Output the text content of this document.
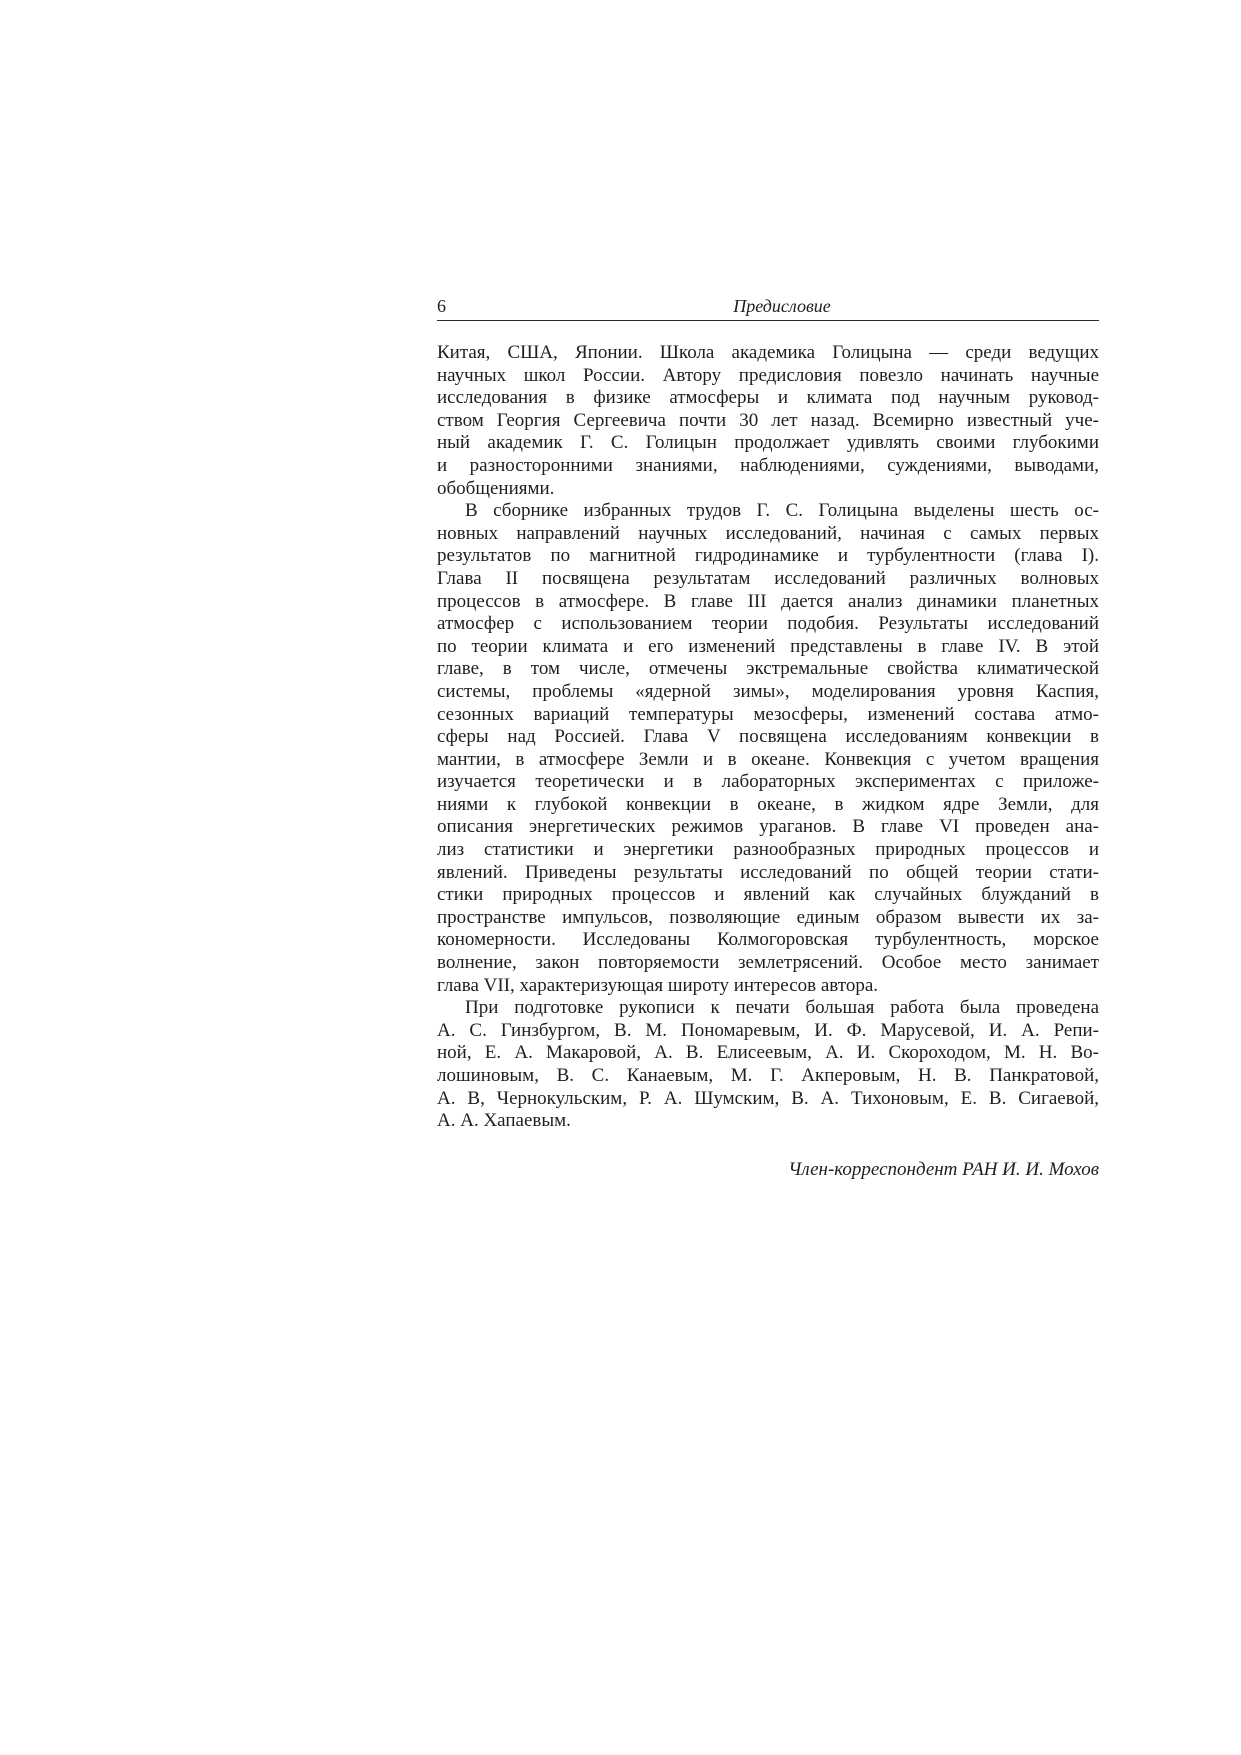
6	Предисловие
Китая, США, Японии. Школа академика Голицына — среди ведущих
научных школ России. Автору предисловия повезло начинать научные
исследования в физике атмосферы и климата под научным руковод-
ством Георгия Сергеевича почти 30 лет назад. Всемирно известный уче-
ный академик Г. С. Голицын продолжает удивлять своими глубокими
и разносторонними знаниями, наблюдениями, суждениями, выводами,
обобщениями.
В сборнике избранных трудов Г. С. Голицына выделены шесть ос-
новных направлений научных исследований, начиная с самых первых
результатов по магнитной гидродинамике и турбулентности (глава I).
Глава II посвящена результатам исследований различных волновых
процессов в атмосфере. В главе III дается анализ динамики планетных
атмосфер с использованием теории подобия. Результаты исследований
по теории климата и его изменений представлены в главе IV. В этой
главе, в том числе, отмечены экстремальные свойства климатической
системы, проблемы «ядерной зимы», моделирования уровня Каспия,
сезонных вариаций температуры мезосферы, изменений состава атмо-
сферы над Россией. Глава V посвящена исследованиям конвекции в
мантии, в атмосфере Земли и в океане. Конвекция с учетом вращения
изучается теоретически и в лабораторных экспериментах с приложе-
ниями к глубокой конвекции в океане, в жидком ядре Земли, для
описания энергетических режимов ураганов. В главе VI проведен ана-
лиз статистики и энергетики разнообразных природных процессов и
явлений. Приведены результаты исследований по общей теории стати-
стики природных процессов и явлений как случайных блужданий в
пространстве импульсов, позволяющие единым образом вывести их за-
кономерности. Исследованы Колмогоровская турбулентность, морское
волнение, закон повторяемости землетрясений. Особое место занимает
глава VII, характеризующая широту интересов автора.
При подготовке рукописи к печати большая работа была проведена
А. С. Гинзбургом, В. М. Пономаревым, И. Ф. Марусевой, И. А. Репи-
ной, Е. А. Макаровой, А. В. Елисеевым, А. И. Скороходом, М. Н. Во-
лошиновым, В. С. Канаевым, М. Г. Акперовым, Н. В. Панкратовой,
А. В, Чернокульским, Р. А. Шумским, В. А. Тихоновым, Е. В. Сигаевой,
А. А. Хапаевым.
Член-корреспондент РАН И. И. Мохов
